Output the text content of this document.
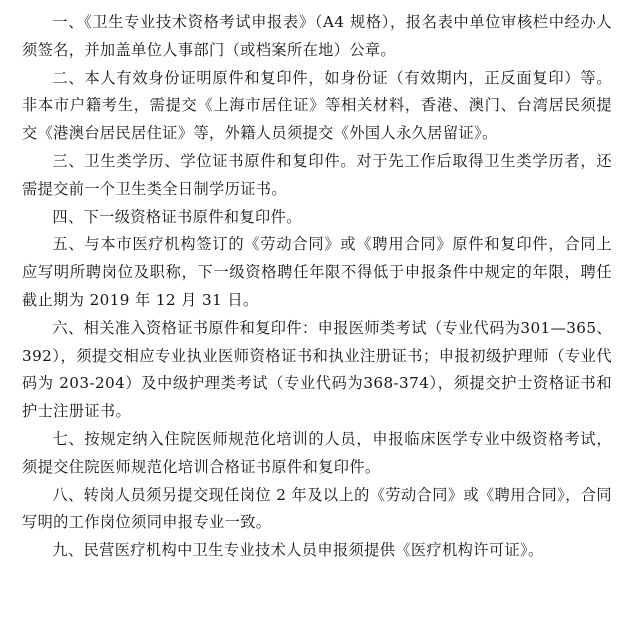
一、《卫生专业技术资格考试申报表》（A4 规格），报名表中单位审核栏中经办人须签名，并加盖单位人事部门（或档案所在地）公章。

二、本人有效身份证明原件和复印件，如身份证（有效期内，正反面复印）等。非本市户籍考生，需提交《上海市居住证》等相关材料，香港、澳门、台湾居民须提交《港澳台居民居住证》等，外籍人员须提交《外国人永久居留证》。

三、卫生类学历、学位证书原件和复印件。对于先工作后取得卫生类学历者，还需提交前一个卫生类全日制学历证书。

四、下一级资格证书原件和复印件。

五、与本市医疗机构签订的《劳动合同》或《聘用合同》原件和复印件，合同上应写明所聘岗位及职称，下一级资格聘任年限不得低于申报条件中规定的年限，聘任截止期为 2019 年 12 月 31 日。

六、相关准入资格证书原件和复印件：申报医师类考试（专业代码为301—365、392），须提交相应专业执业医师资格证书和执业注册证书；申报初级护理师（专业代码为 203-204）及中级护理类考试（专业代码为368-374），须提交护士资格证书和护士注册证书。

七、按规定纳入住院医师规范化培训的人员，申报临床医学专业中级资格考试，须提交住院医师规范化培训合格证书原件和复印件。

八、转岗人员须另提交现任岗位 2 年及以上的《劳动合同》或《聘用合同》，合同写明的工作岗位须同申报专业一致。

九、民营医疗机构中卫生专业技术人员申报须提供《医疗机构许可证》。
